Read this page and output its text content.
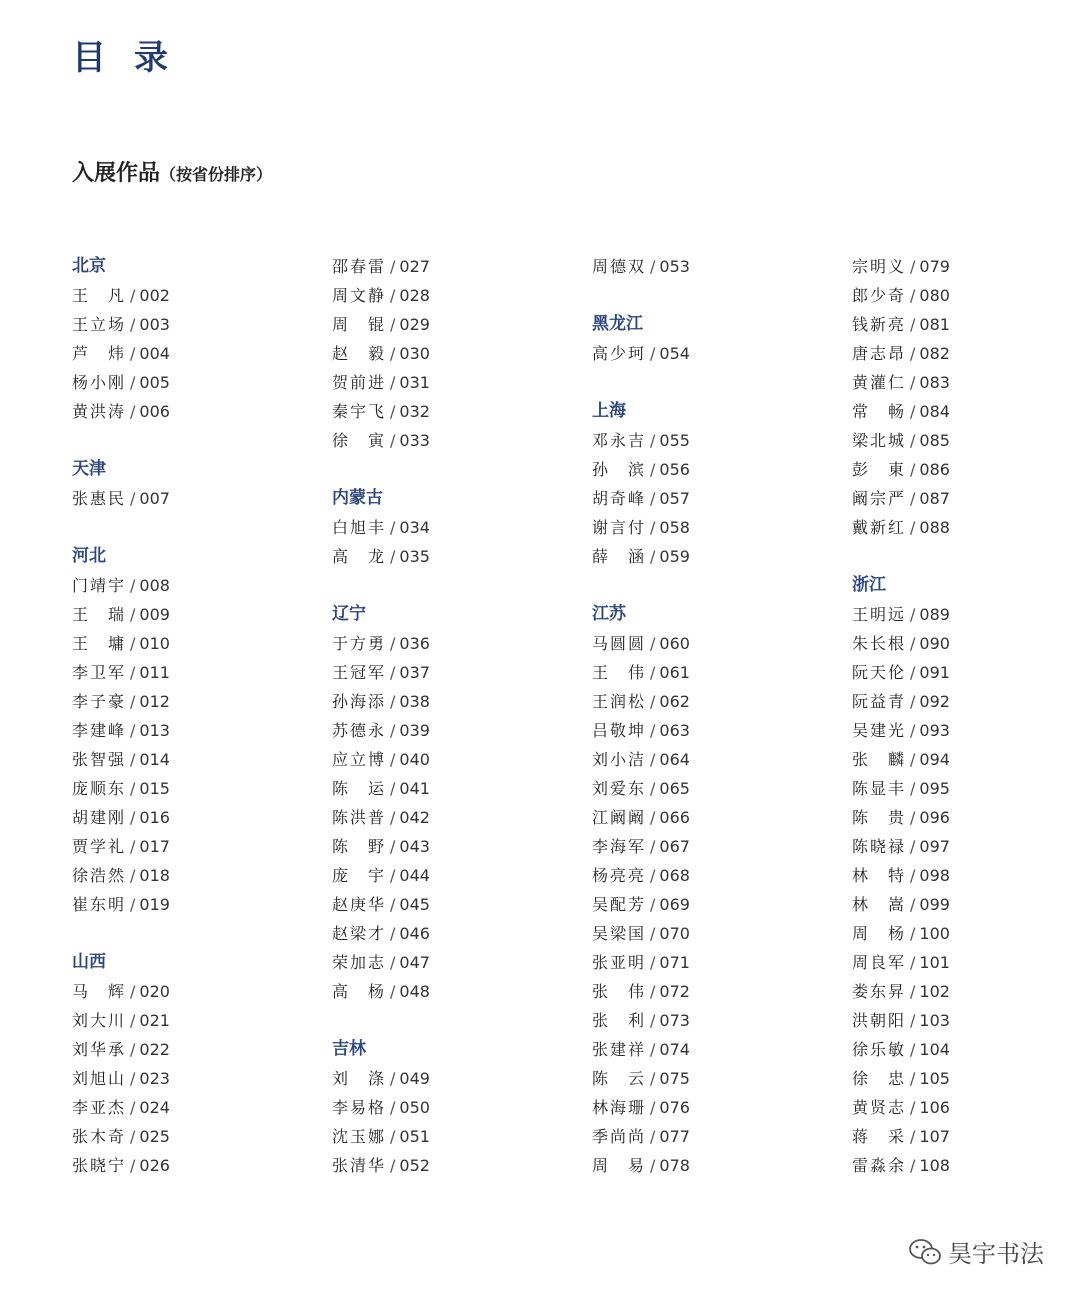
目录
入展作品（按省份排序）
北京
王凡 / 002
王立场 / 003
芦炜 / 004
杨小刚 / 005
黄洪涛 / 006
天津
张惠民 / 007
河北
门靖宇 / 008
王瑞 / 009
王墉 / 010
李卫军 / 011
李子豪 / 012
李建峰 / 013
张智强 / 014
庞顺东 / 015
胡建刚 / 016
贾学礼 / 017
徐浩然 / 018
崔东明 / 019
山西
马辉 / 020
刘大川 / 021
刘华承 / 022
刘旭山 / 023
李亚杰 / 024
张木奇 / 025
张晓宁 / 026
邵春雷 / 027
周文静 / 028
周锟 / 029
赵毅 / 030
贺前进 / 031
秦宇飞 / 032
徐寅 / 033
内蒙古
白旭丰 / 034
高龙 / 035
辽宁
于方勇 / 036
王冠军 / 037
孙海添 / 038
苏德永 / 039
应立博 / 040
陈运 / 041
陈洪普 / 042
陈野 / 043
庞宇 / 044
赵庚华 / 045
赵梁才 / 046
荣加志 / 047
高杨 / 048
吉林
刘涤 / 049
李易格 / 050
沈玉娜 / 051
张清华 / 052
周德双 / 053
黑龙江
高少珂 / 054
上海
邓永吉 / 055
孙滨 / 056
胡奇峰 / 057
谢言付 / 058
薛涵 / 059
江苏
马圆圆 / 060
王伟 / 061
王润松 / 062
吕敬坤 / 063
刘小洁 / 064
刘爱东 / 065
江阚阚 / 066
李海军 / 067
杨亮亮 / 068
吴配芳 / 069
吴梁国 / 070
张亚明 / 071
张伟 / 072
张利 / 073
张建祥 / 074
陈云 / 075
林海珊 / 076
季尚尚 / 077
周易 / 078
宗明义 / 079
郎少奇 / 080
钱新亮 / 081
唐志昂 / 082
黄灌仁 / 083
常畅 / 084
梁北城 / 085
彭東 / 086
阚宗严 / 087
戴新红 / 088
浙江
王明远 / 089
朱长根 / 090
阮天伦 / 091
阮益青 / 092
吴建光 / 093
张麟 / 094
陈显丰 / 095
陈贵 / 096
陈晓禄 / 097
林特 / 098
林嵩 / 099
周杨 / 100
周良军 / 101
娄东昇 / 102
洪朝阳 / 103
徐乐敏 / 104
徐忠 / 105
黄贤志 / 106
蒋采 / 107
雷淼余 / 108
昊宇书法
